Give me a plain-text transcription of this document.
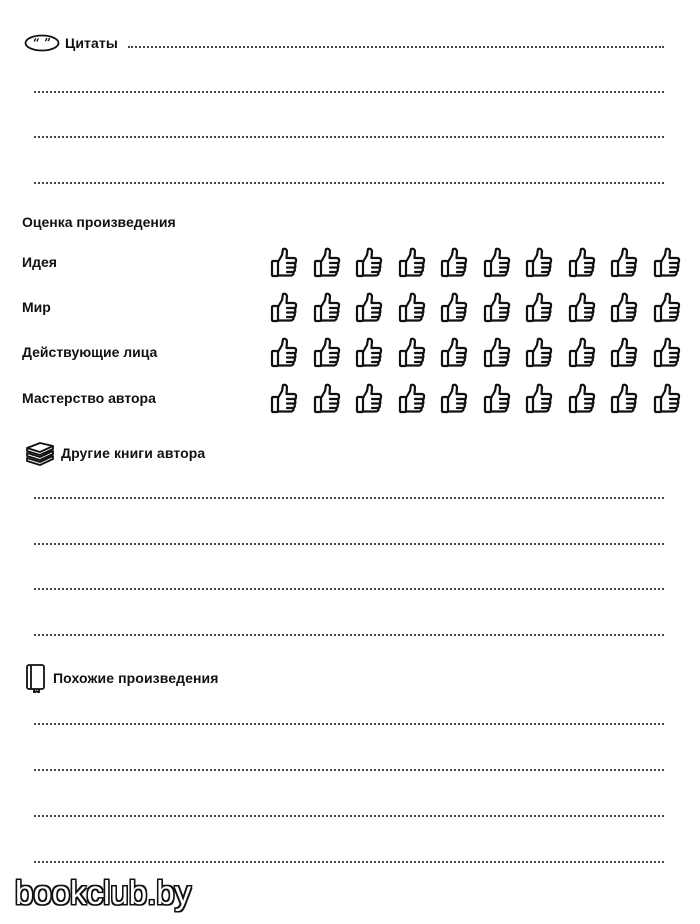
“ ” Цитаты
Оценка произведения
Идея
Мир
Действующие лица
Мастерство автора
Другие книги автора
Похожие произведения
bookclub.by
